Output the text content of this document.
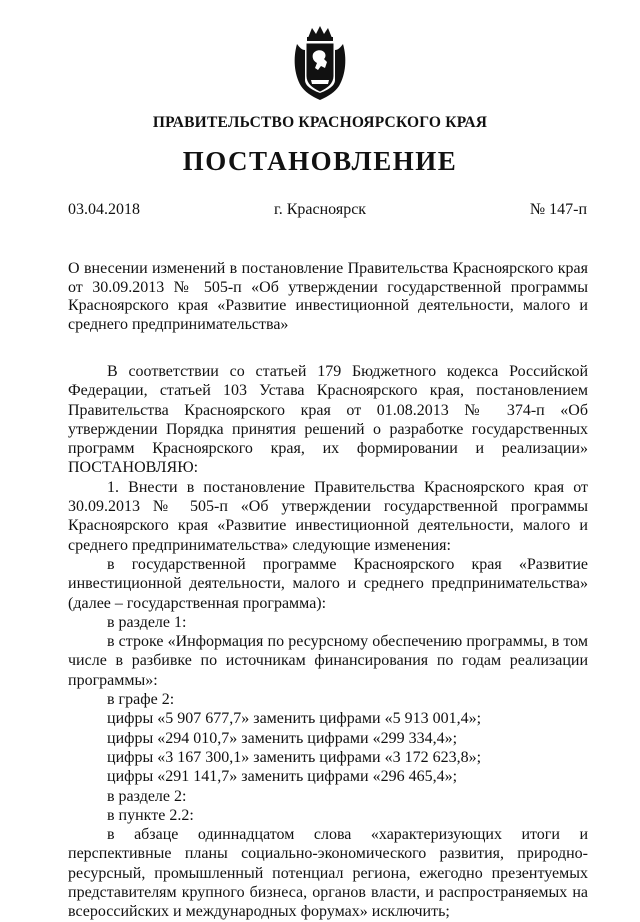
ПРАВИТЕЛЬСТВО КРАСНОЯРСКОГО КРАЯ
ПОСТАНОВЛЕНИЕ
03.04.2018	г. Красноярск	№ 147-п
О внесении изменений в постановление Правительства Красноярского края от 30.09.2013 № 505-п «Об утверждении государственной программы Красноярского края «Развитие инвестиционной деятельности, малого и среднего предпринимательства»

В соответствии со статьей 179 Бюджетного кодекса Российской Федерации, статьей 103 Устава Красноярского края, постановлением Правительства Красноярского края от 01.08.2013 № 374-п «Об утверждении Порядка принятия решений о разработке государственных программ Красноярского края, их формировании и реализации» ПОСТАНОВЛЯЮ:

1. Внести в постановление Правительства Красноярского края от 30.09.2013 № 505-п «Об утверждении государственной программы Красноярского края «Развитие инвестиционной деятельности, малого и среднего предпринимательства» следующие изменения:

в государственной программе Красноярского края «Развитие инвестиционной деятельности, малого и среднего предпринимательства» (далее – государственная программа):

в разделе 1:

в строке «Информация по ресурсному обеспечению программы, в том числе в разбивке по источникам финансирования по годам реализации программы»:

в графе 2:

цифры «5 907 677,7» заменить цифрами «5 913 001,4»;

цифры «294 010,7» заменить цифрами «299 334,4»;

цифры «3 167 300,1» заменить цифрами «3 172 623,8»;

цифры «291 141,7» заменить цифрами «296 465,4»;

в разделе 2:

в пункте 2.2:

в абзаце одиннадцатом слова «характеризующих итоги и перспективные планы социально-экономического развития, природно-ресурсный, промышленный потенциал региона, ежегодно презентуемых представителям крупного бизнеса, органов власти, и распространяемых на всероссийских и международных форумах» исключить;
